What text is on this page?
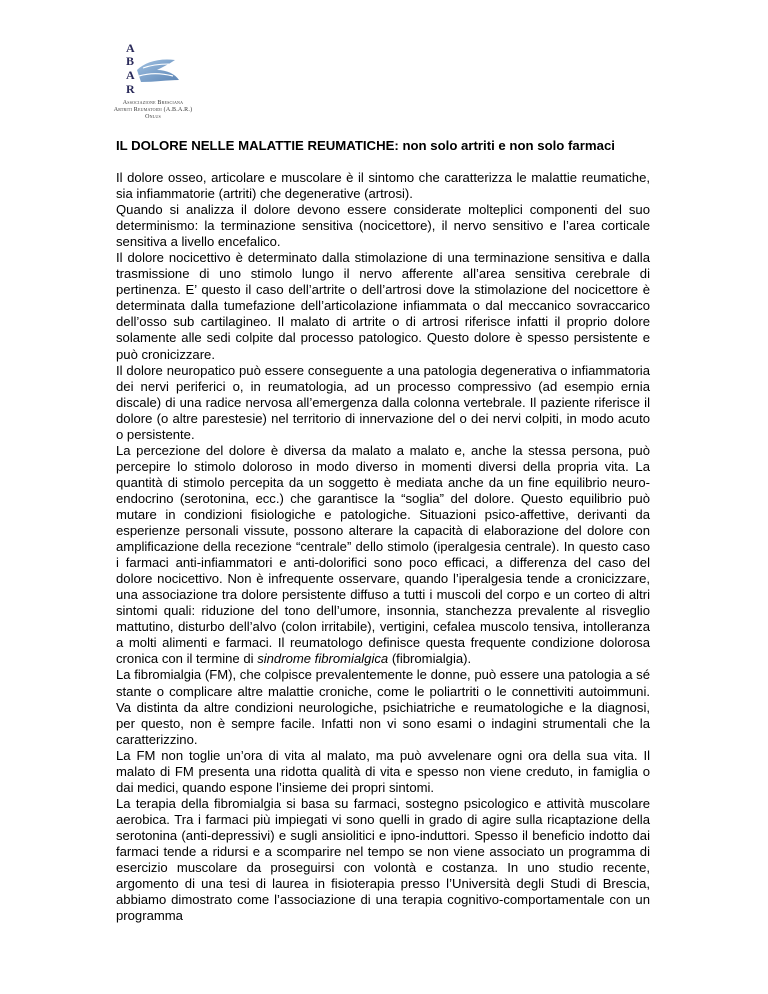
A
B
A
R
Associazione Bresciana
Artriti Reumatoidi (A.B.A.R.)
Onlus

IL DOLORE NELLE MALATTIE REUMATICHE: non solo artriti e non solo farmaci

Il dolore osseo, articolare e muscolare è il sintomo che caratterizza le malattie reumatiche, sia infiammatorie (artriti) che degenerative (artrosi).

Quando si analizza il dolore devono essere considerate molteplici componenti del suo determinismo: la terminazione sensitiva (nocicettore), il nervo sensitivo e l’area corticale sensitiva a livello encefalico.

Il dolore nocicettivo è determinato dalla stimolazione di una terminazione sensitiva e dalla trasmissione di uno stimolo lungo il nervo afferente all’area sensitiva cerebrale di pertinenza. E’ questo il caso dell’artrite o dell’artrosi dove la stimolazione del nocicettore è determinata dalla tumefazione dell’articolazione infiammata o dal meccanico sovraccarico dell’osso sub cartilagineo. Il malato di artrite o di artrosi riferisce infatti il proprio dolore solamente alle sedi colpite dal processo patologico. Questo dolore è spesso persistente e può cronicizzare.

Il dolore neuropatico può essere conseguente a una patologia degenerativa o infiammatoria dei nervi periferici o, in reumatologia, ad un processo compressivo (ad esempio ernia discale) di una radice nervosa all’emergenza dalla colonna vertebrale. Il paziente riferisce il dolore (o altre parestesie) nel territorio di innervazione del o dei nervi colpiti, in modo acuto o persistente.

La percezione del dolore è diversa da malato a malato e, anche la stessa persona, può percepire lo stimolo doloroso in modo diverso in momenti diversi della propria vita. La quantità di stimolo percepita da un soggetto è mediata anche da un fine equilibrio neuro-endocrino (serotonina, ecc.) che garantisce la “soglia” del dolore. Questo equilibrio può mutare in condizioni fisiologiche e patologiche. Situazioni psico-affettive, derivanti da esperienze personali vissute, possono alterare la capacità di elaborazione del dolore con amplificazione della recezione “centrale” dello stimolo (iperalgesia centrale). In questo caso i farmaci anti-infiammatori e anti-dolorifici sono poco efficaci, a differenza del caso del dolore nocicettivo. Non è infrequente osservare, quando l’iperalgesia tende a cronicizzare, una associazione tra dolore persistente diffuso a tutti i muscoli del corpo e un corteo di altri sintomi quali: riduzione del tono dell’umore, insonnia, stanchezza prevalente al risveglio mattutino, disturbo dell’alvo (colon irritabile), vertigini, cefalea muscolo tensiva, intolleranza a molti alimenti e farmaci. Il reumatologo definisce questa frequente condizione dolorosa cronica con il termine di sindrome fibromialgica (fibromialgia).

La fibromialgia (FM), che colpisce prevalentemente le donne, può essere una patologia a sé stante o complicare altre malattie croniche, come le poliartriti o le connettiviti autoimmuni. Va distinta da altre condizioni neurologiche, psichiatriche e reumatologiche e la diagnosi, per questo, non è sempre facile. Infatti non vi sono esami o indagini strumentali che la caratterizzino.

La FM non toglie un’ora di vita al malato, ma può avvelenare ogni ora della sua vita. Il malato di FM presenta una ridotta qualità di vita e spesso non viene creduto, in famiglia o dai medici, quando espone l’insieme dei propri sintomi.

La terapia della fibromialgia si basa su farmaci, sostegno psicologico e attività muscolare aerobica. Tra i farmaci più impiegati vi sono quelli in grado di agire sulla ricaptazione della serotonina (anti-depressivi) e sugli ansiolitici e ipno-induttori. Spesso il beneficio indotto dai farmaci tende a ridursi e a scomparire nel tempo se non viene associato un programma di esercizio muscolare da proseguirsi con volontà e costanza. In uno studio recente, argomento di una tesi di laurea in fisioterapia presso l’Università degli Studi di Brescia, abbiamo dimostrato come l’associazione di una terapia cognitivo-comportamentale con un programma
